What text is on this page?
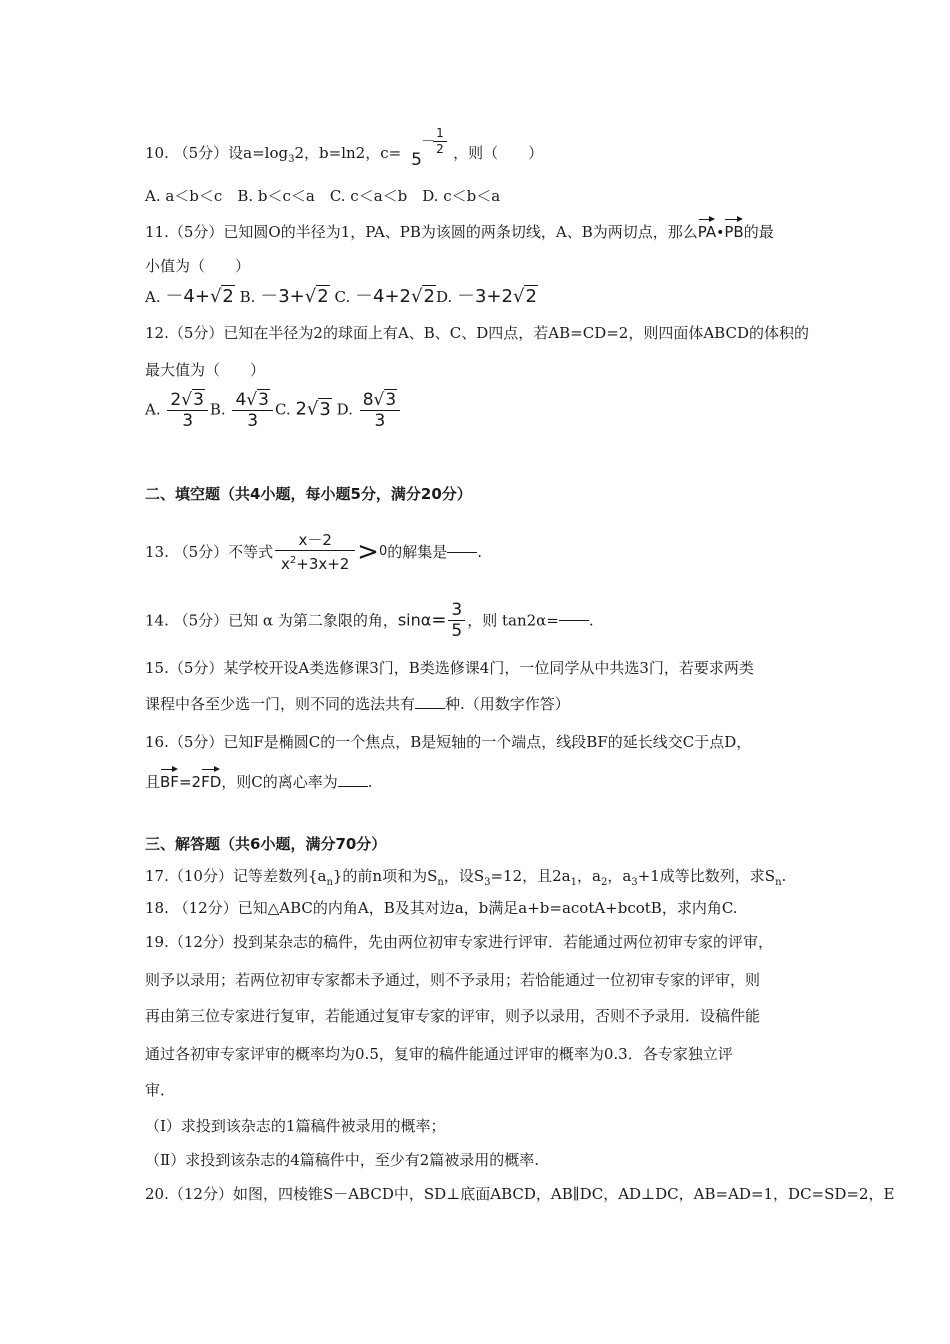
10. （5分）设$a=\log_32$，b=ln2，c= 5
－
$\frac{1}{2}$ ，则（　　）
A. a＜b＜c　B. b＜c＜a　C. c＜a＜b　D. c＜b＜a
11.（5分）已知圆O的半径为1，PA、PB为该圆的两条切线，A、B为两切点，那么PA•PB的最
小值为（　　）
A. －4+√2 B. －3+√2 C. －4+2√2D. －3+2√2
12.（5分）已知在半径为2的球面上有A、B、C、D四点，若AB=CD=2，则四面体ABCD的体积的
最大值为（　　）
A. $\frac{2√3}{3} B$. $\frac{4√3}{3} C$. 2√3 D. $\frac{8√3}{3}$
二、填空题（共4小题，每小题5分，满分20分）
13. （5分）不等式 $\frac{x-2}{x^2+3x+2} >0$的解集是 .
14. （5分）已知 α 为第二象限的角，$\sin\alpha= \frac{3}{5}$ ，则 tan2α= .
15.（5分）某学校开设A类选修课3门，B类选修课4门，一位同学从中共选3门，若要求两类
课程中各至少选一门，则不同的选法共有 种.（用数字作答）
16.（5分）已知F是椭圆C的一个焦点，B是短轴的一个端点，线段BF的延长线交C于点D，
且BF=2FD，则C的离心率为 .
三、解答题（共6小题，满分70分）
17.（10分）记等差数列$\{a_n\}$的前n项和为$S_n$，设$S_3=12$，且$2a_1$，$a_2$，$a_3+1$成等比数列，求$S_n$.
18. （12分）已知△ABC的内角A，B及其对边a，b满足a+b=acotA+bcotB，求内角C.
19.（12分）投到某杂志的稿件，先由两位初审专家进行评审．若能通过两位初审专家的评审，
则予以录用；若两位初审专家都未予通过，则不予录用；若恰能通过一位初审专家的评审，则
再由第三位专家进行复审，若能通过复审专家的评审，则予以录用，否则不予录用．设稿件能
通过各初审专家评审的概率均为0.5，复审的稿件能通过评审的概率为0.3．各专家独立评
审．
（Ⅰ）求投到该杂志的1篇稿件被录用的概率；
（Ⅱ）求投到该杂志的4篇稿件中，至少有2篇被录用的概率.
20.（12分）如图，四棱锥S－ABCD中，SD⊥底面ABCD，AB∥DC，AD⊥DC，AB=AD=1，DC=SD=2，E
